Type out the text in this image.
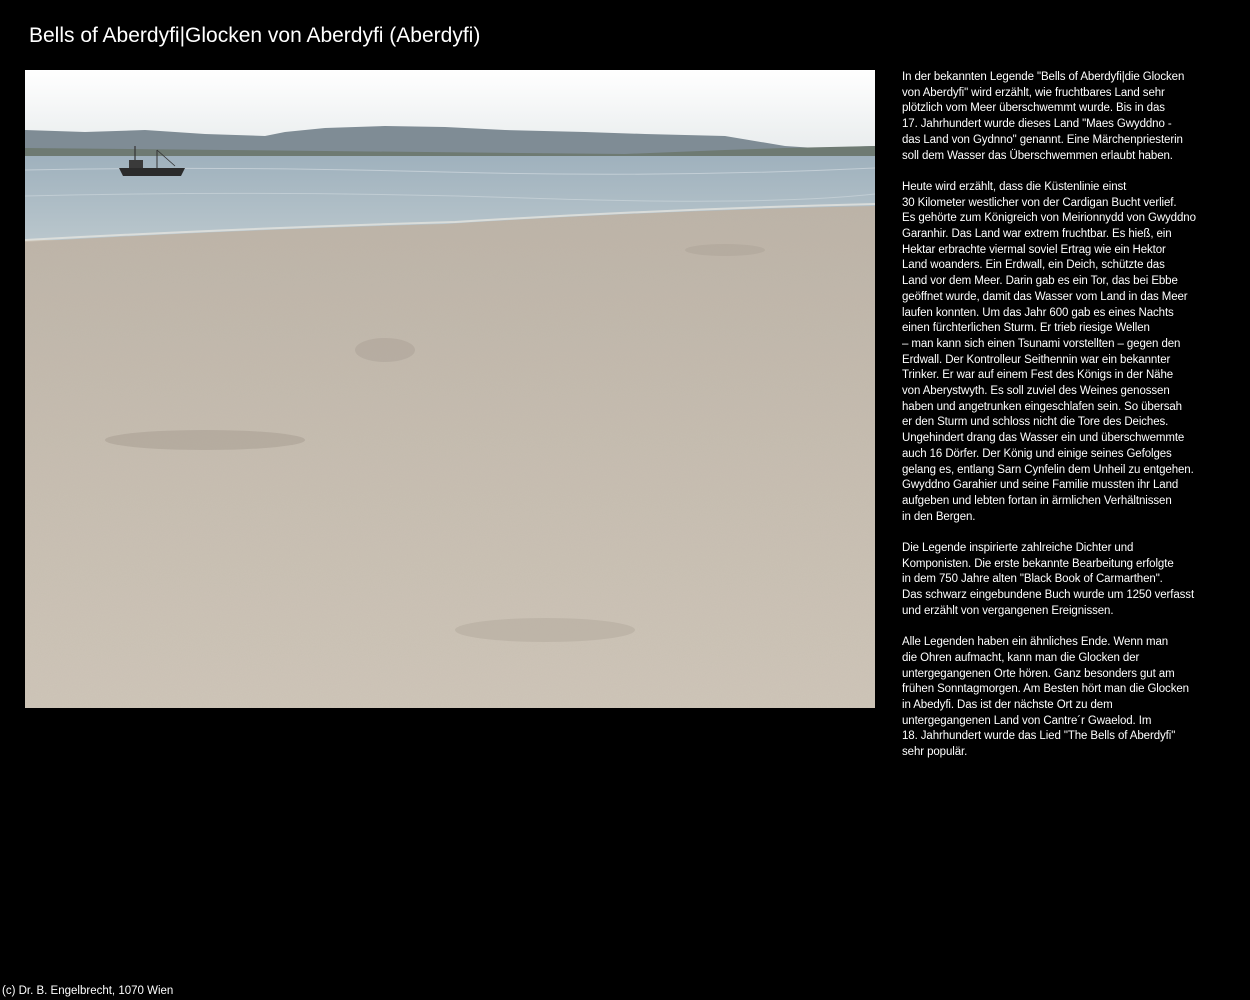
Bells of Aberdyfi|Glocken von Aberdyfi (Aberdyfi)

In der bekannten Legende "Bells of Aberdyfi|die Glocken
von Aberdyfi" wird erzählt, wie fruchtbares Land sehr
plötzlich vom Meer überschwemmt wurde. Bis in das
17. Jahrhundert wurde dieses Land "Maes Gwyddno -
das Land von Gydnno" genannt. Eine Märchenpriesterin
soll dem Wasser das Überschwemmen erlaubt haben.

Heute wird erzählt, dass die Küstenlinie einst
30 Kilometer westlicher von der Cardigan Bucht verlief.
Es gehörte zum Königreich von Meirionnydd von Gwyddno
Garanhir. Das Land war extrem fruchtbar. Es hieß, ein
Hektar erbrachte viermal soviel Ertrag wie ein Hektor
Land woanders. Ein Erdwall, ein Deich, schützte das
Land vor dem Meer. Darin gab es ein Tor, das bei Ebbe
geöffnet wurde, damit das Wasser vom Land in das Meer
laufen konnten. Um das Jahr 600 gab es eines Nachts
einen fürchterlichen Sturm. Er trieb riesige Wellen
– man kann sich einen Tsunami vorstellten – gegen den
Erdwall. Der Kontrolleur Seithennin war ein bekannter
Trinker. Er war auf einem Fest des Königs in der Nähe
von Aberystwyth. Es soll zuviel des Weines genossen
haben und angetrunken eingeschlafen sein. So übersah
er den Sturm und schloss nicht die Tore des Deiches.
Ungehindert drang das Wasser ein und überschwemmte
auch 16 Dörfer. Der König und einige seines Gefolges
gelang es, entlang Sarn Cynfelin dem Unheil zu entgehen.
Gwyddno Garahier und seine Familie mussten ihr Land
aufgeben und lebten fortan in ärmlichen Verhältnissen
in den Bergen.

Die Legende inspirierte zahlreiche Dichter und
Komponisten. Die erste bekannte Bearbeitung erfolgte
in dem 750 Jahre alten "Black Book of Carmarthen".
Das schwarz eingebundene Buch wurde um 1250 verfasst
und erzählt von vergangenen Ereignissen.

Alle Legenden haben ein ähnliches Ende. Wenn man
die Ohren aufmacht, kann man die Glocken der
untergegangenen Orte hören. Ganz besonders gut am
frühen Sonntagmorgen. Am Besten hört man die Glocken
in Abedyfi. Das ist der nächste Ort zu dem
untergegangenen Land von Cantre´r Gwaelod. Im
18. Jahrhundert wurde das Lied "The Bells of Aberdyfi"
sehr populär.

(c) Dr. B. Engelbrecht, 1070 Wien
